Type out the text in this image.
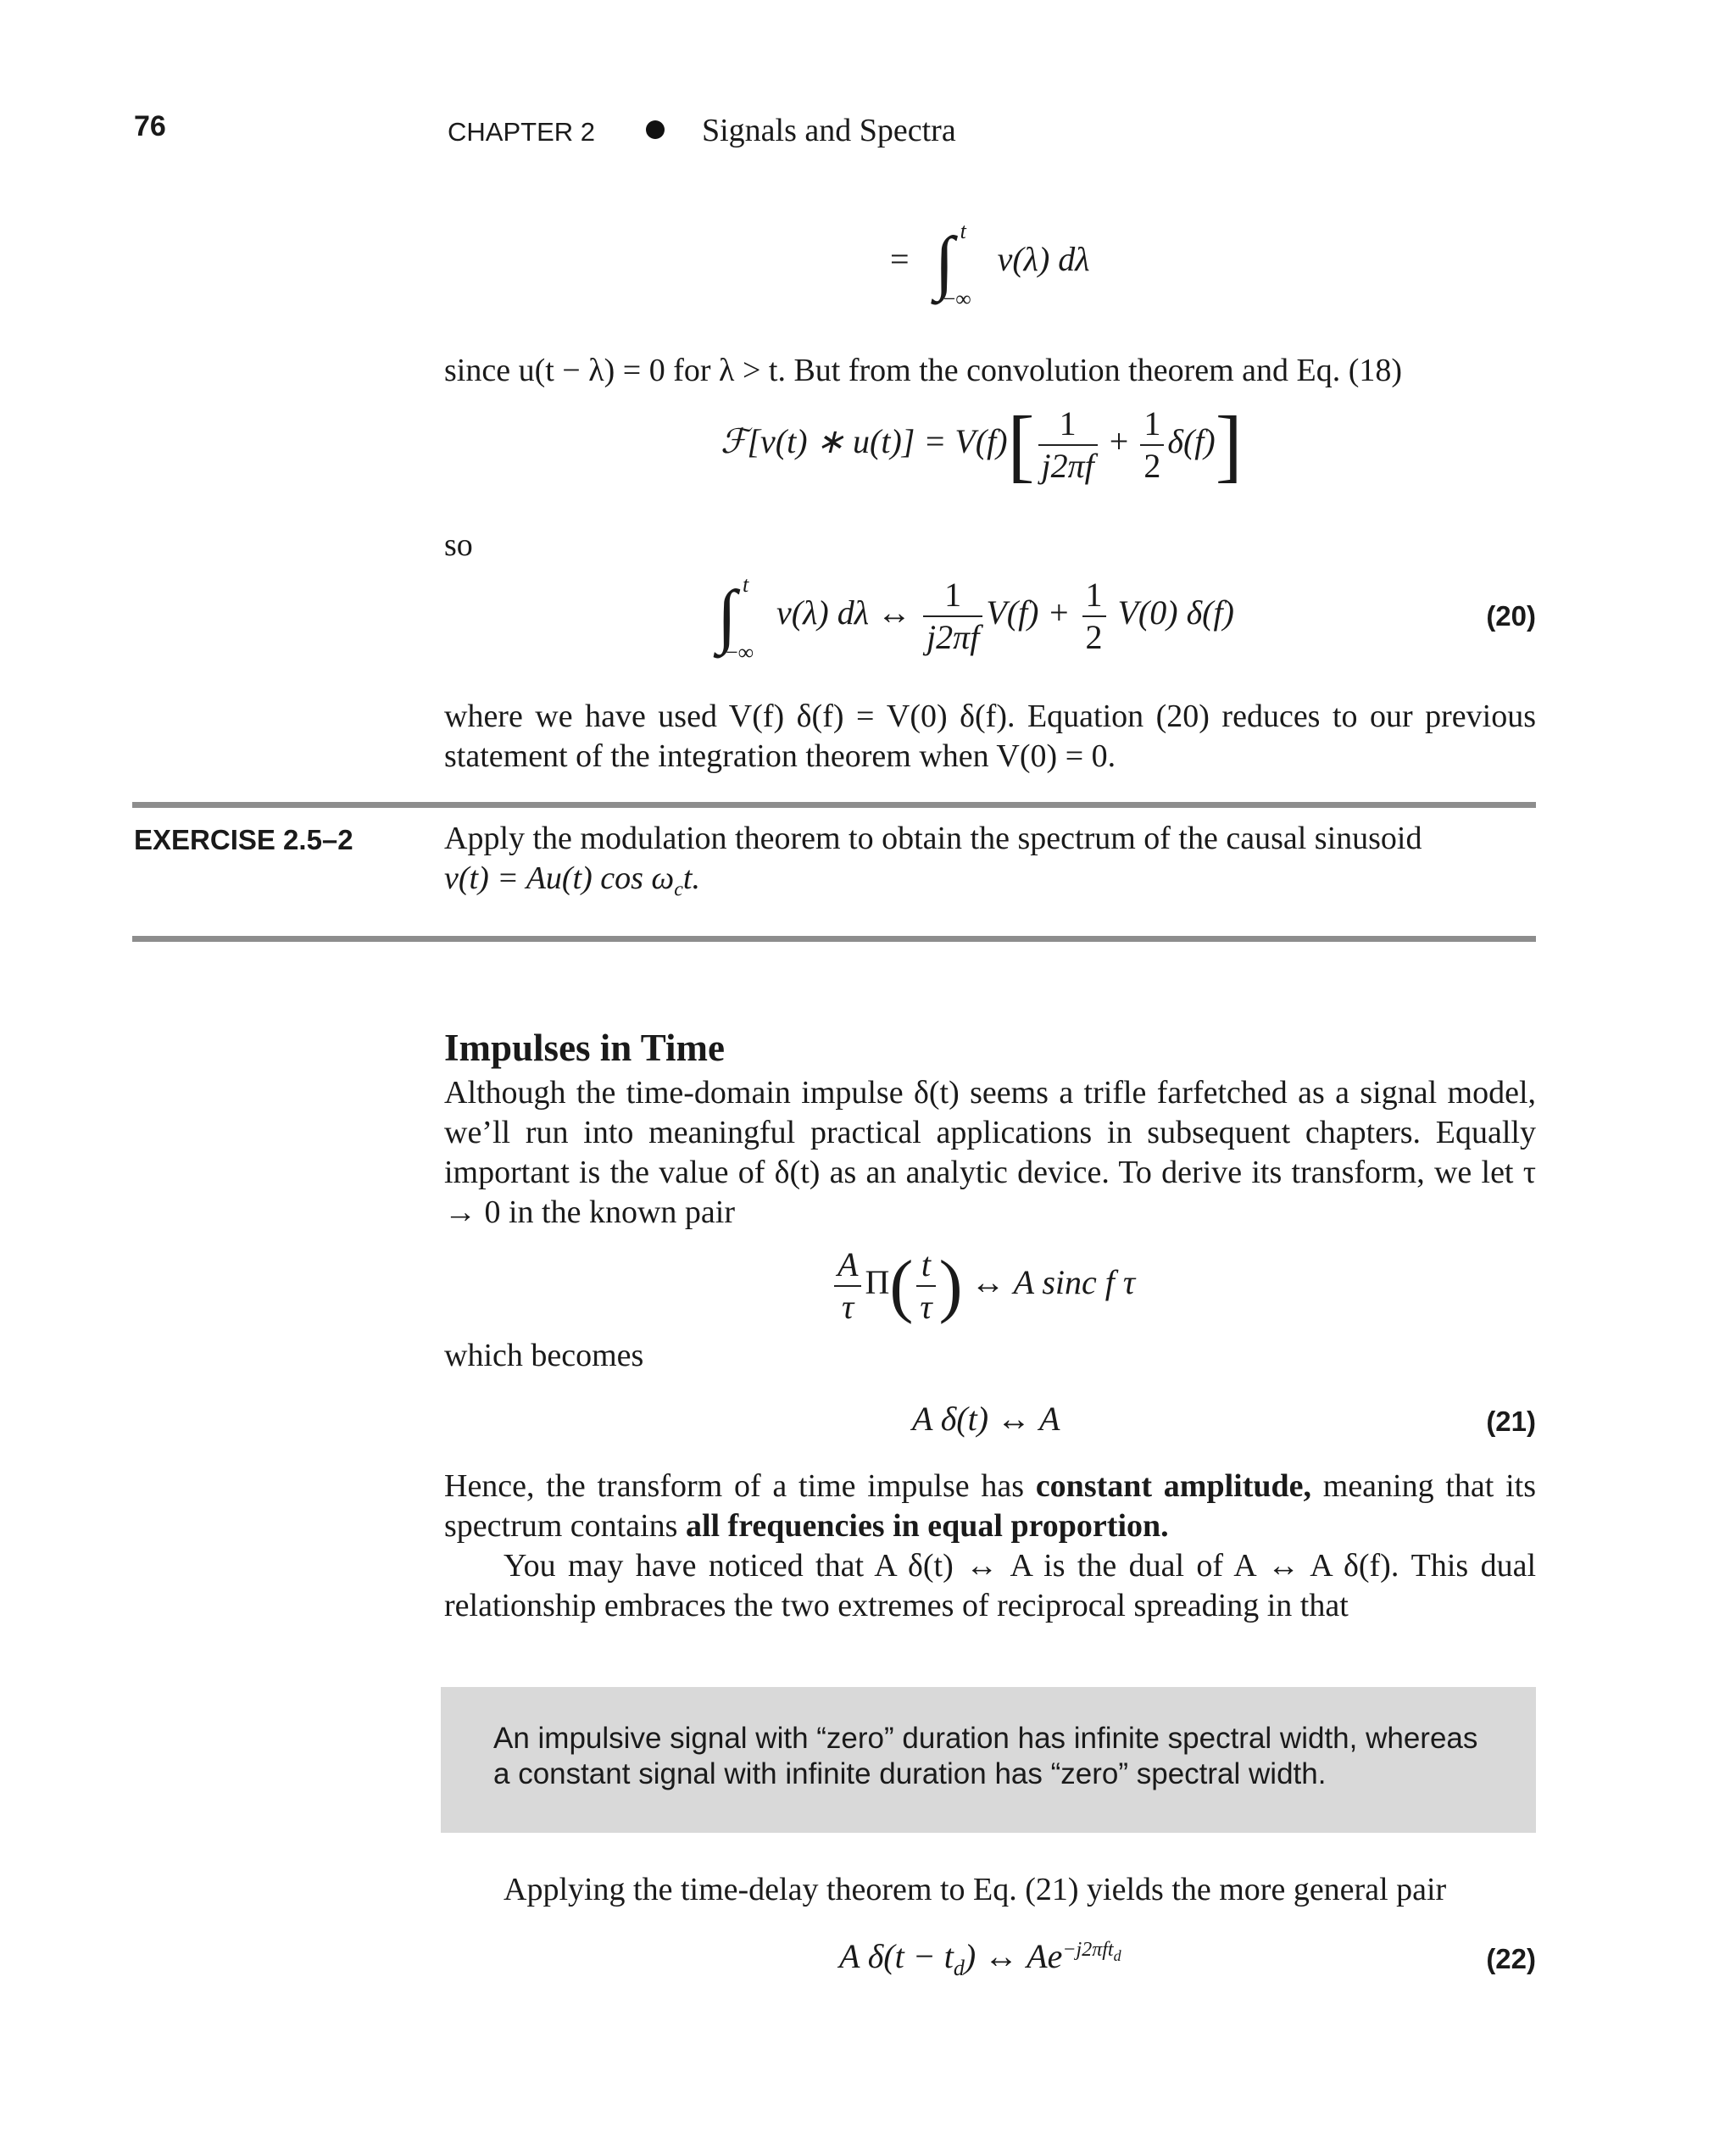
76	CHAPTER 2	Signals and Spectra
= ∫ t
−∞
v(λ) dλ
since u(t − λ) = 0 for λ > t. But from the convolution theorem and Eq. (18)
ℱ[v(t) ∗ $u(t)] = V(f)[ \frac{1}{j2\pi f} + \frac{1}{2} \delta(f)]$
so
∫ t
−∞
v(λ) dλ ↔ $\frac{1}{j2\pi f} V(f) + \frac{1}{2} V(0)$ δ(f)	(20)
where we have used V(f) δ(f) = V(0) δ(f). Equation (20) reduces to our previous statement of the integration theorem when V(0) = 0.
EXERCISE 2.5–2	Apply the modulation theorem to obtain the spectrum of the causal sinusoid
v(t) = Au(t) $\cos \omega_ct$.
Impulses in Time
Although the time-domain impulse δ(t) seems a trifle farfetched as a signal model, we’ll run into meaningful practical applications in subsequent chapters. Equally important is the value of δ(t) as an analytic device. To derive its transform, we let τ → 0 in the known pair
$\frac{A}{\tau} \Pi( \frac{t}{\tau}$ ) ↔ A sinc f τ
which becomes
A δ(t) ↔ A	(21)
Hence, the transform of a time impulse has constant amplitude, meaning that its spectrum contains all frequencies in equal proportion.
You may have noticed that A δ(t) ↔ A is the dual of A ↔ A δ(f). This dual relationship embraces the two extremes of reciprocal spreading in that
An impulsive signal with “zero” duration has infinite spectral width, whereas a constant signal with infinite duration has “zero” spectral width.
Applying the time-delay theorem to Eq. (21) yields the more general pair
A $\delta(t - t_d)$ ↔ $Ae^{-j2\pi ft_d}$	(22)
